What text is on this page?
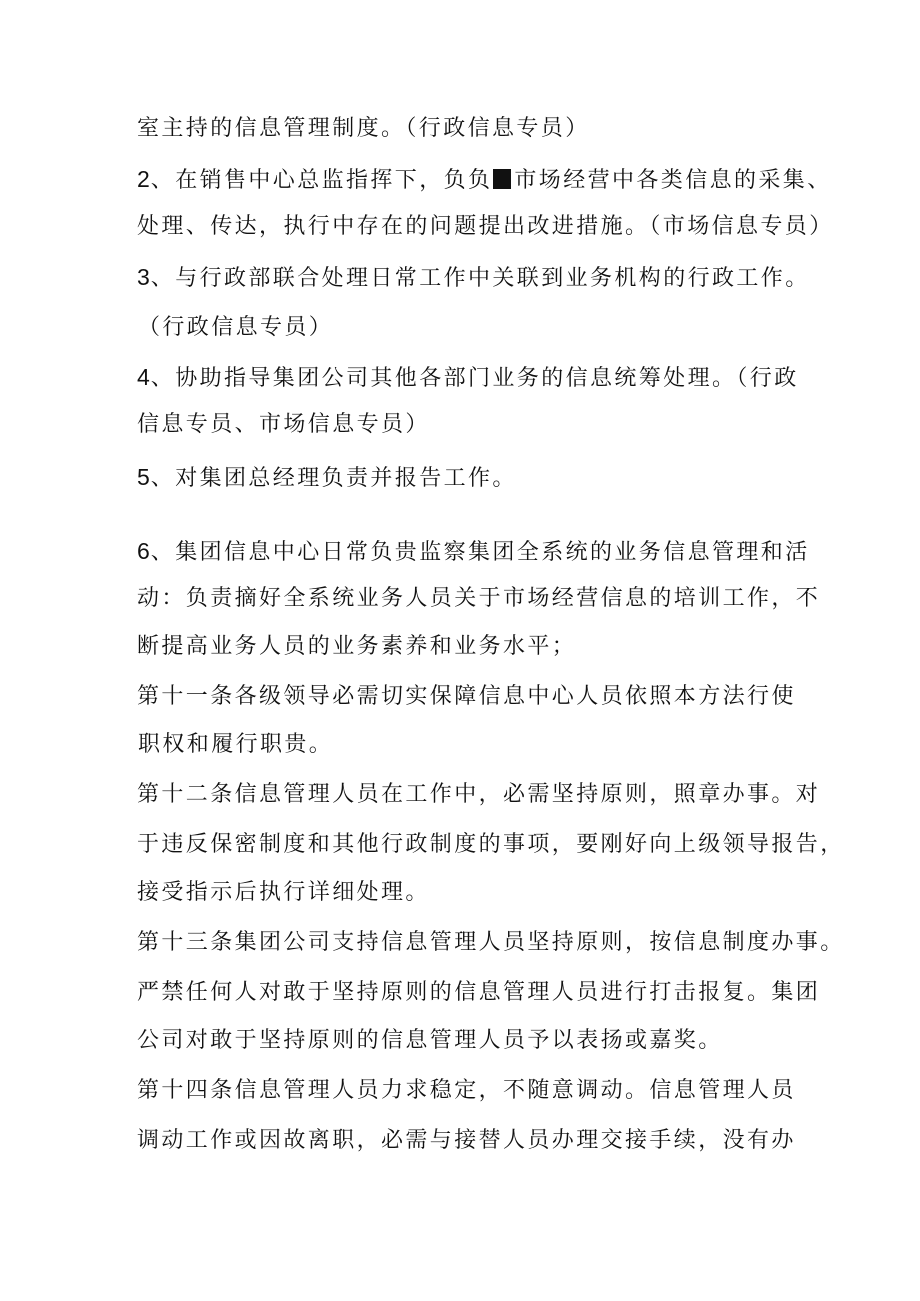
室主持的信息管理制度。（行政信息专员）
2、在销售中心总监指挥下，负负 市场经营中各类信息的采集、
处理、传达，执行中存在的问题提出改进措施。（市场信息专员）
3、与行政部联合处理日常工作中关联到业务机构的行政工作。
（行政信息专员）
4、协助指导集团公司其他各部门业务的信息统筹处理。（行政
信息专员、市场信息专员）
5、对集团总经理负责并报告工作。
6、集团信息中心日常负贵监察集团全系统的业务信息管理和活
动：负责摘好全系统业务人员关于市场经营信息的培训工作，不
断提高业务人员的业务素养和业务水平；
第十一条各级领导必需切实保障信息中心人员依照本方法行使
职权和履行职贵。
第十二条信息管理人员在工作中，必需坚持原则，照章办事。对
于违反保密制度和其他行政制度的事项，要刚好向上级领导报告，
接受指示后执行详细处理。
第十三条集团公司支持信息管理人员坚持原则，按信息制度办事。
严禁任何人对敢于坚持原则的信息管理人员进行打击报复。集团
公司对敢于坚持原则的信息管理人员予以表扬或嘉奖。
第十四条信息管理人员力求稳定，不随意调动。信息管理人员
调动工作或因故离职，必需与接替人员办理交接手续，没有办
